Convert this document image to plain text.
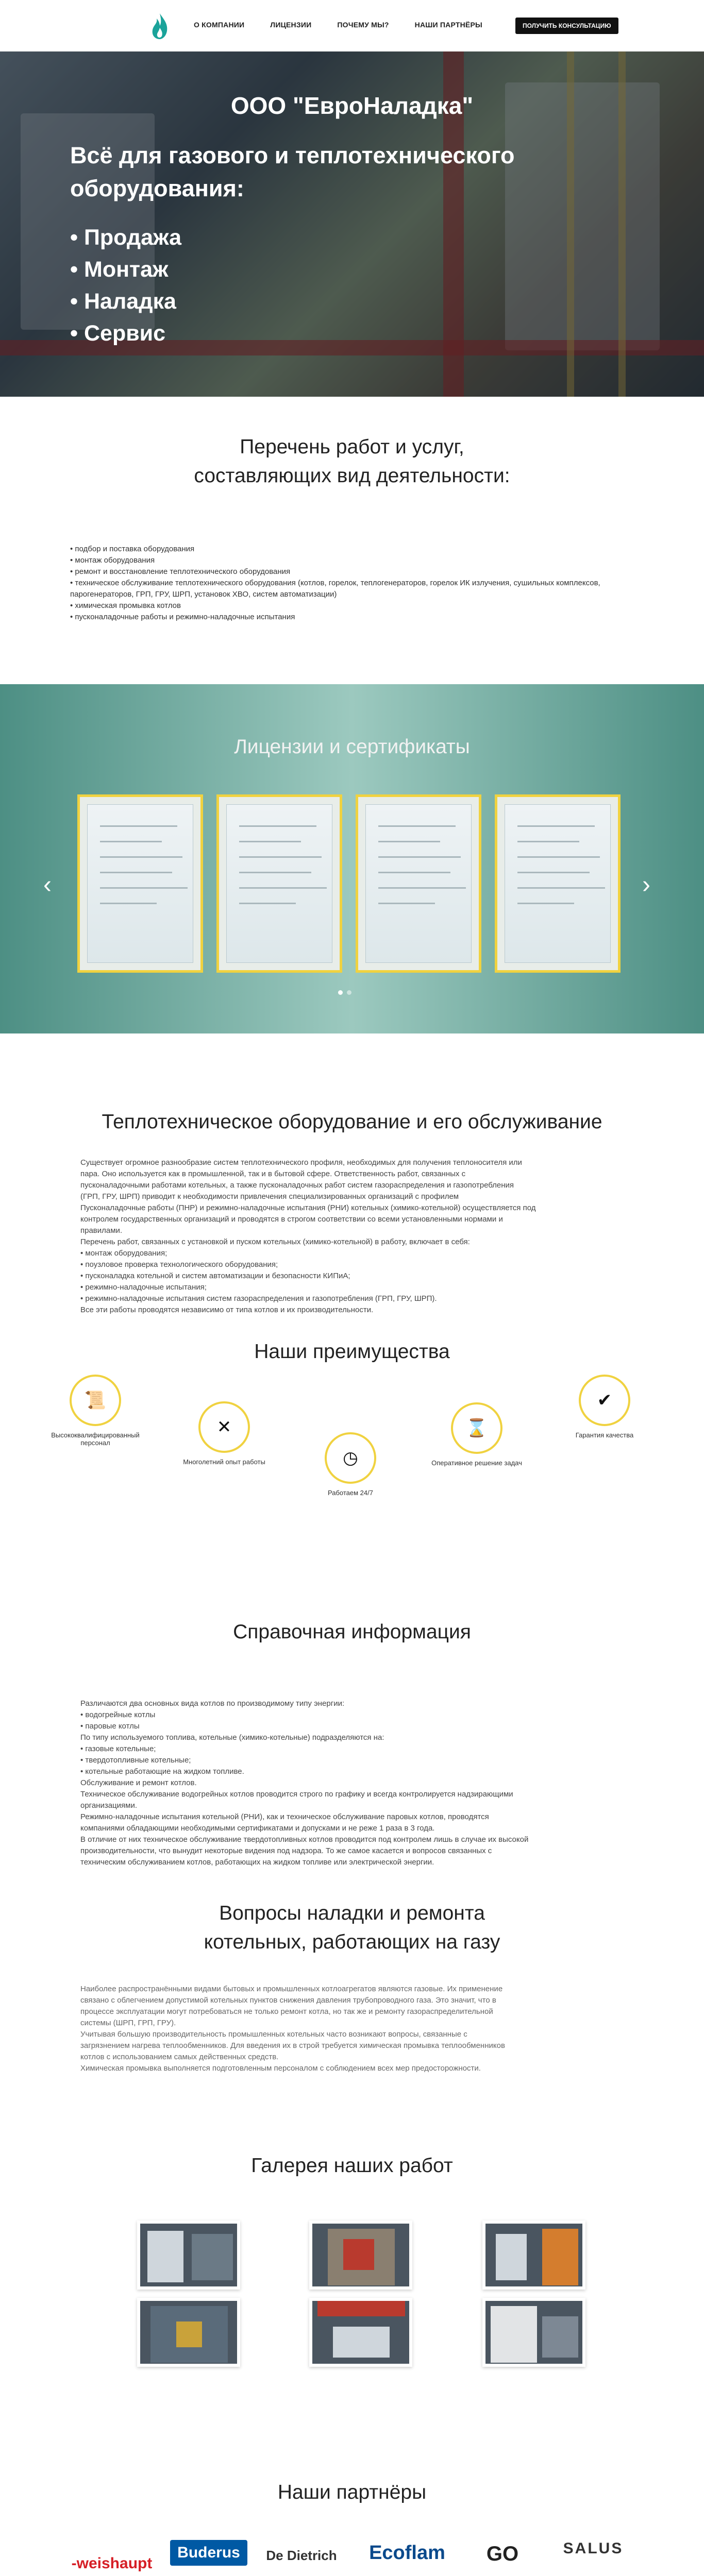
О КОМПАНИИ	ЛИЦЕНЗИИ	ПОЧЕМУ МЫ?	НАШИ ПАРТНЁРЫ	ПОЛУЧИТЬ КОНСУЛЬТАЦИЮ
ООО "ЕвроНаладка"
Всё для газового и теплотехнического оборудования:
• Продажа
• Монтаж
• Наладка
• Сервис
Перечень работ и услуг, составляющих вид деятельности:
• подбор и поставка оборудования
• монтаж оборудования
• ремонт и восстановление теплотехнического оборудования
• техническое обслуживание теплотехнического оборудования (котлов, горелок, теплогенераторов, горелок ИК излучения, сушильных комплексов, парогенераторов, ГРП, ГРУ, ШРП, установок ХВО, систем автоматизации)
• химическая промывка котлов
• пусконаладочные работы и режимно-наладочные испытания
Лицензии и сертификаты
‹	›
Теплотехническое оборудование и его обслуживание
Существует огромное разнообразие систем теплотехнического профиля, необходимых для получения теплоносителя или
пара. Оно используется как в промышленной, так и в бытовой сфере. Ответственность работ, связанных с
пусконаладочными работами котельных, а также пусконаладочных работ систем газораспределения и газопотребления
(ГРП, ГРУ, ШРП) приводит к необходимости привлечения специализированных организаций с профилем
Пусконаладочные работы (ПНР) и режимно-наладочные испытания (РНИ) котельных (химико-котельной) осуществляется под
контролем государственных организаций и проводятся в строгом соответствии со всеми установленными нормами и
правилами.
Перечень работ, связанных с установкой и пуском котельных (химико-котельной) в работу, включает в себя:
• монтаж оборудования;
• поузловое проверка технологического оборудования;
• пусконаладка котельной и систем автоматизации и безопасности КИПиА;
• режимно-наладочные испытания;
• режимно-наладочные испытания систем газораспределения и газопотребления (ГРП, ГРУ, ШРП).
Все эти работы проводятся независимо от типа котлов и их производительности.
Наши преимущества
📜
Высококвалифицированный персонал
✕
Многолетний опыт работы	◷
Работаем 24/7
⌛
Оперативное решение задач
✔
Гарантия качества
Справочная информация
Различаются два основных вида котлов по производимому типу энергии:
• водогрейные котлы
• паровые котлы
По типу используемого топлива, котельные (химико-котельные) подразделяются на:
• газовые котельные;
• твердотопливные котельные;
• котельные работающие на жидком топливе.
Обслуживание и ремонт котлов.
Техническое обслуживание водогрейных котлов проводится строго по графику и всегда контролируется надзирающими
организациями.
Режимно-наладочные испытания котельной (РНИ), как и техническое обслуживание паровых котлов, проводятся
компаниями обладающими необходимыми сертификатами и допусками и не реже 1 раза в 3 года.
В отличие от них техническое обслуживание твердотопливных котлов проводится под контролем лишь в случае их высокой
производительности, что вынудит некоторые видения под надзора. То же самое касается и вопросов связанных с
техническим обслуживанием котлов, работающих на жидком топливе или электрической энергии.
Вопросы наладки и ремонта котельных, работающих на газу
Наиболее распространёнными видами бытовых и промышленных котлоагрегатов являются газовые. Их применение
связано с облегчением допустимой котельных пунктов снижения давления трубопроводного газа. Это значит, что в
процессе эксплуатации могут потребоваться не только ремонт котла, но так же и ремонту газораспределительной
системы (ШРП, ГРП, ГРУ).
Учитывая большую производительность промышленных котельных часто возникают вопросы, связанные с
загрязнением нагрева теплообменников. Для введения их в строй требуется химическая промывка теплообменников
котлов с использованием самых действенных средств.
Химическая промывка выполняется подготовленным персоналом с соблюдением всех мер предосторожности.
Галерея наших работ
Наши партнёры
- weishaupt
Buderus	De Dietrich	Ecoflam	GO	SALUS
